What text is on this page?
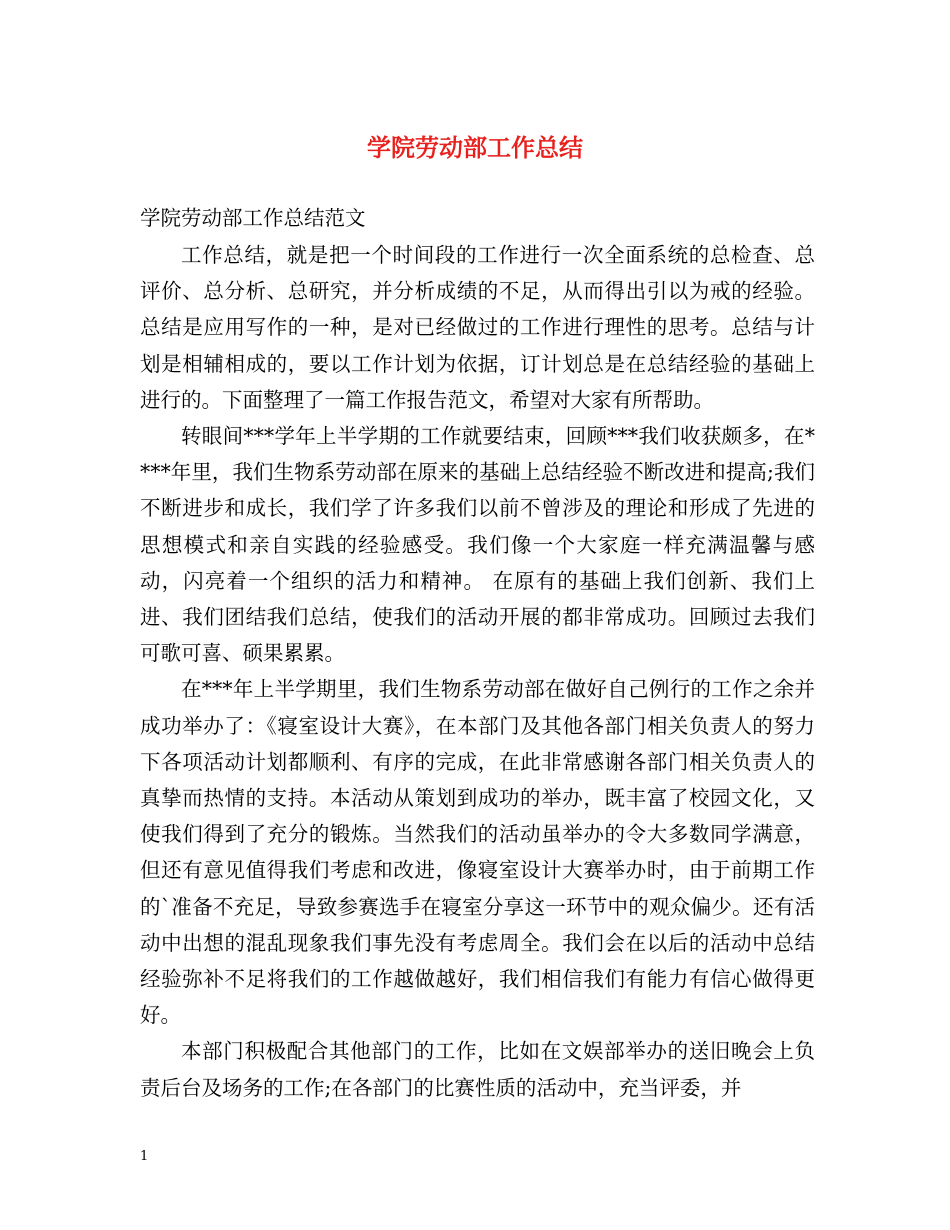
学院劳动部工作总结

学院劳动部工作总结范文

工作总结，就是把一个时间段的工作进行一次全面系统的总检查、总评价、总分析、总研究，并分析成绩的不足，从而得出引以为戒的经验。总结是应用写作的一种，是对已经做过的工作进行理性的思考。总结与计划是相辅相成的，要以工作计划为依据，订计划总是在总结经验的基础上进行的。下面整理了一篇工作报告范文，希望对大家有所帮助。

转眼间***学年上半学期的工作就要结束，回顾***我们收获颇多，在****年里，我们生物系劳动部在原来的基础上总结经验不断改进和提高;我们不断进步和成长，我们学了许多我们以前不曾涉及的理论和形成了先进的思想模式和亲自实践的经验感受。我们像一个大家庭一样充满温馨与感动，闪亮着一个组织的活力和精神。 在原有的基础上我们创新、我们上进、我们团结我们总结，使我们的活动开展的都非常成功。回顾过去我们可歌可喜、硕果累累。

在***年上半学期里，我们生物系劳动部在做好自己例行的工作之余并成功举办了：《寝室设计大赛》，在本部门及其他各部门相关负责人的努力下各项活动计划都顺利、有序的完成，在此非常感谢各部门相关负责人的真挚而热情的支持。本活动从策划到成功的举办，既丰富了校园文化，又使我们得到了充分的锻炼。当然我们的活动虽举办的令大多数同学满意，但还有意见值得我们考虑和改进，像寝室设计大赛举办时，由于前期工作的`准备不充足，导致参赛选手在寝室分享这一环节中的观众偏少。还有活动中出想的混乱现象我们事先没有考虑周全。我们会在以后的活动中总结经验弥补不足将我们的工作越做越好，我们相信我们有能力有信心做得更好。

本部门积极配合其他部门的工作，比如在文娱部举办的送旧晚会上负责后台及场务的工作;在各部门的比赛性质的活动中，充当评委，并

1
